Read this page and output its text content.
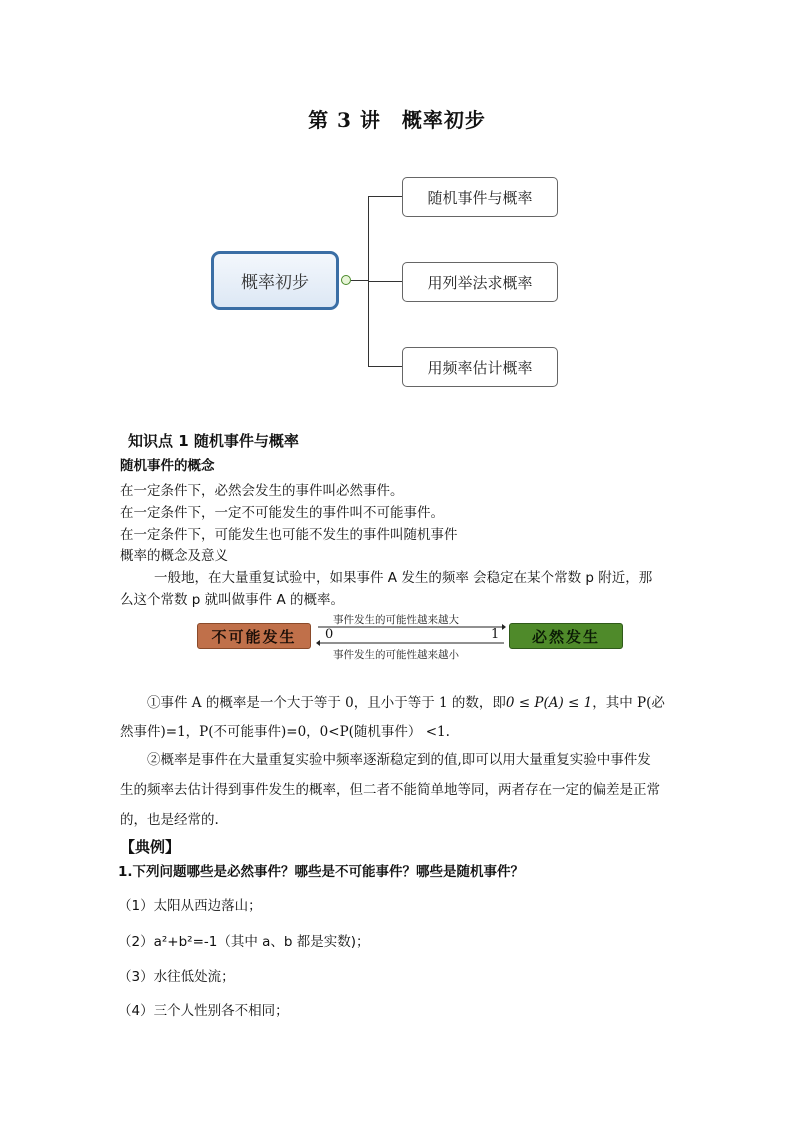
第 3 讲　概率初步
概率初步
随机事件与概率
用列举法求概率
用频率估计概率
知识点 1 随机事件与概率
随机事件的概念
在一定条件下，必然会发生的事件叫必然事件。
在一定条件下，一定不可能发生的事件叫不可能事件。
在一定条件下，可能发生也可能不发生的事件叫随机事件
概率的概念及意义
一般地，在大量重复试验中，如果事件 A 发生的频率 会稳定在某个常数 p 附近，那
么这个常数 p 就叫做事件 A 的概率。
不可能发生	必然发生
事件发生的可能性越来越大
事件发生的可能性越来越小
0	1
①事件 A 的概率是一个大于等于 0，且小于等于 1 的数，即0 ≤ P(A) ≤ 1，其中 P(必
然事件)=1，P(不可能事件)=0，0<P(随机事件） <1.
②概率是事件在大量重复实验中频率逐渐稳定到的值,即可以用大量重复实验中事件发
生的频率去估计得到事件发生的概率，但二者不能简单地等同，两者存在一定的偏差是正常
的，也是经常的.
【典例】
1.下列问题哪些是必然事件？哪些是不可能事件？哪些是随机事件？
（1）太阳从西边落山；
（2）a²+b²=-1（其中 a、b 都是实数)；
（3）水往低处流；
（4）三个人性别各不相同；
